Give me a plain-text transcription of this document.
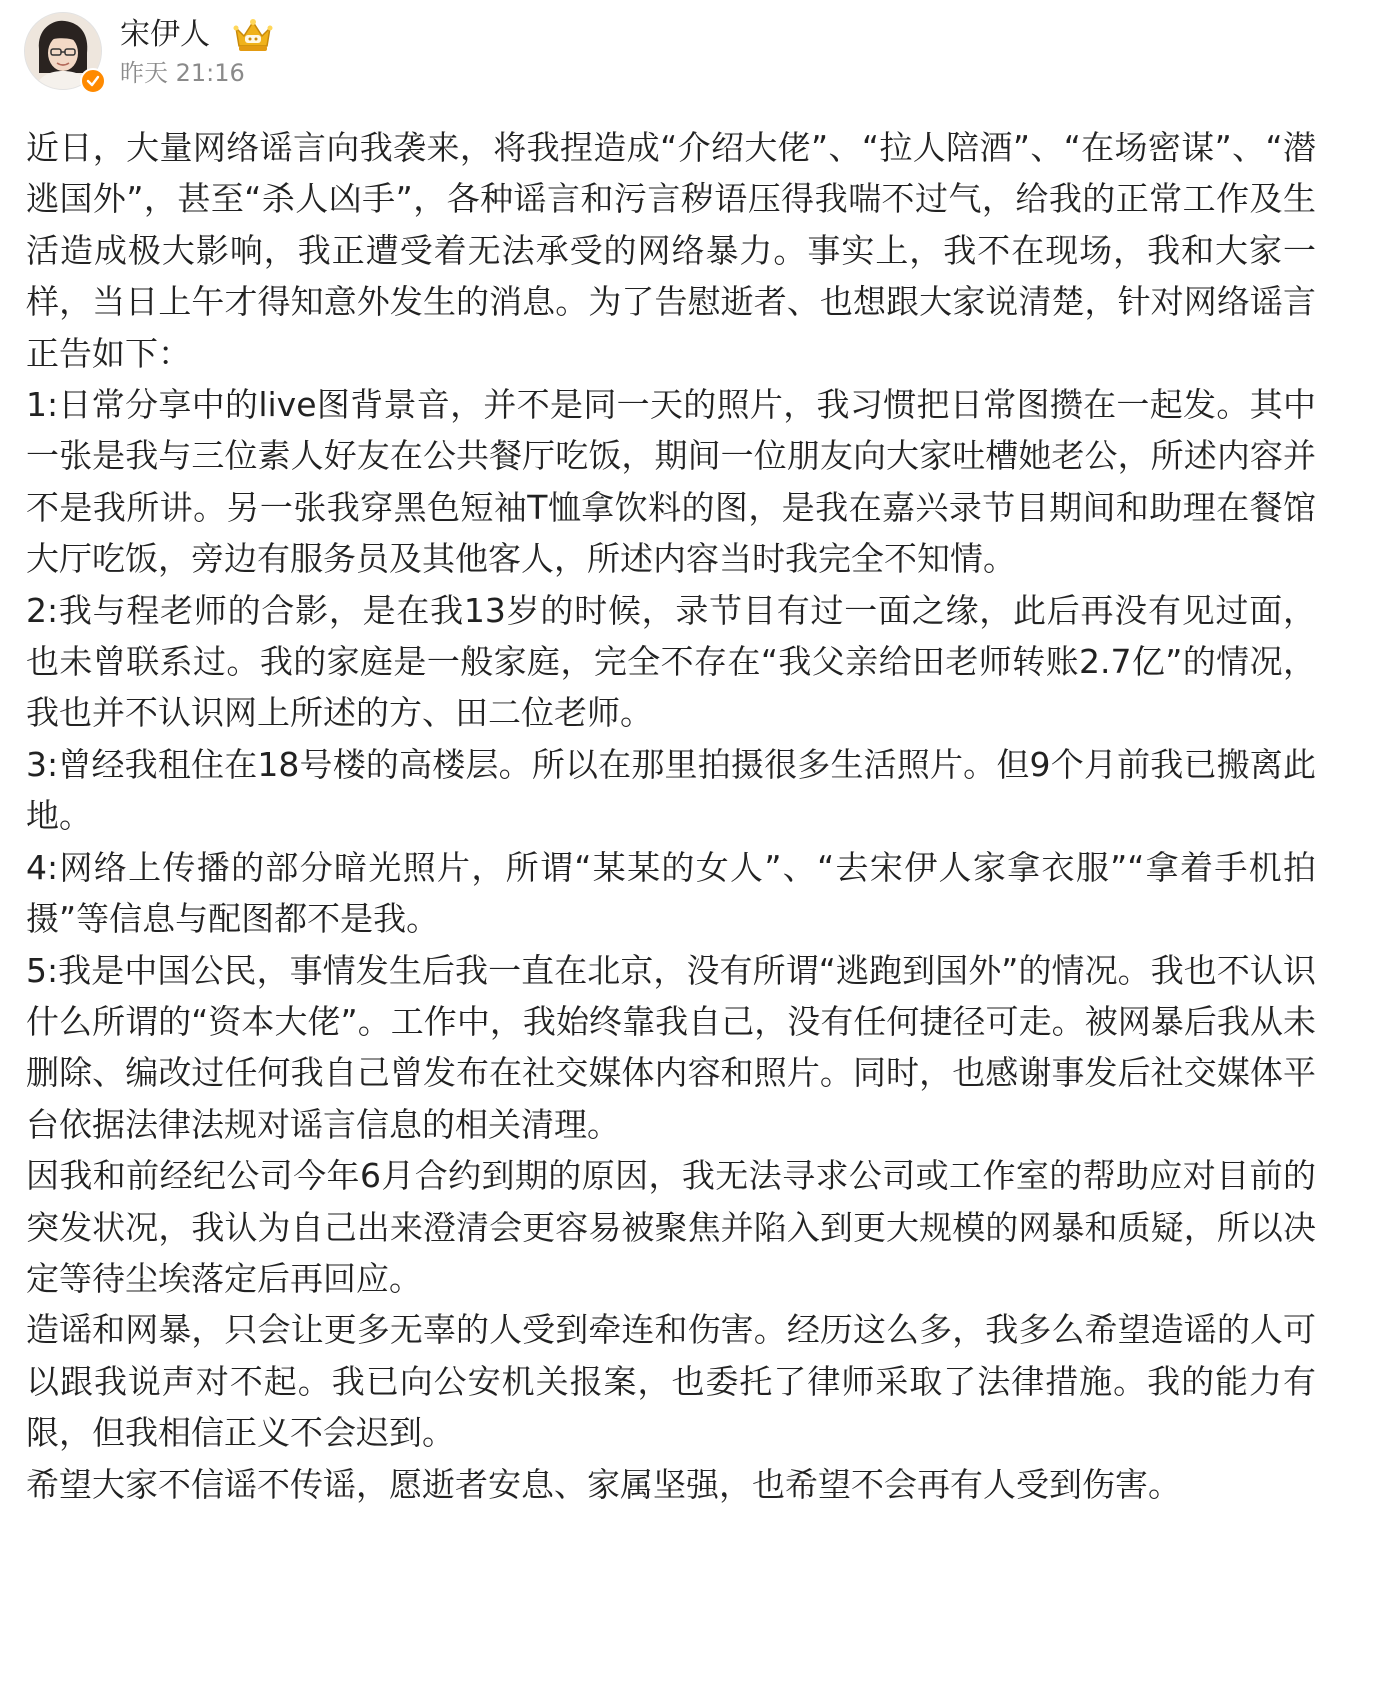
宋伊人
昨天 21:16

近日，大量网络谣言向我袭来，将我捏造成“介绍大佬”、“拉人陪酒”、“在场密谋”、“潜逃国外”，甚至“杀人凶手”，各种谣言和污言秽语压得我喘不过气，给我的正常工作及生活造成极大影响，我正遭受着无法承受的网络暴力。事实上，我不在现场，我和大家一样，当日上午才得知意外发生的消息。为了告慰逝者、也想跟大家说清楚，针对网络谣言正告如下：

1:日常分享中的live图背景音，并不是同一天的照片，我习惯把日常图攒在一起发。其中一张是我与三位素人好友在公共餐厅吃饭，期间一位朋友向大家吐槽她老公，所述内容并不是我所讲。另一张我穿黑色短袖T恤拿饮料的图，是我在嘉兴录节目期间和助理在餐馆大厅吃饭，旁边有服务员及其他客人，所述内容当时我完全不知情。

2:我与程老师的合影，是在我13岁的时候，录节目有过一面之缘，此后再没有见过面，也未曾联系过。我的家庭是一般家庭，完全不存在“我父亲给田老师转账2.7亿”的情况，我也并不认识网上所述的方、田二位老师。

3:曾经我租住在18号楼的高楼层。所以在那里拍摄很多生活照片。但9个月前我已搬离此地。

4:网络上传播的部分暗光照片，所谓“某某的女人”、“去宋伊人家拿衣服”“拿着手机拍摄”等信息与配图都不是我。

5:我是中国公民，事情发生后我一直在北京，没有所谓“逃跑到国外”的情况。我也不认识什么所谓的“资本大佬”。工作中，我始终靠我自己，没有任何捷径可走。被网暴后我从未删除、编改过任何我自己曾发布在社交媒体内容和照片。同时，也感谢事发后社交媒体平台依据法律法规对谣言信息的相关清理。

因我和前经纪公司今年6月合约到期的原因，我无法寻求公司或工作室的帮助应对目前的突发状况，我认为自己出来澄清会更容易被聚焦并陷入到更大规模的网暴和质疑，所以决定等待尘埃落定后再回应。

造谣和网暴，只会让更多无辜的人受到牵连和伤害。经历这么多，我多么希望造谣的人可以跟我说声对不起。我已向公安机关报案，也委托了律师采取了法律措施。我的能力有限，但我相信正义不会迟到。

希望大家不信谣不传谣，愿逝者安息、家属坚强，也希望不会再有人受到伤害。
